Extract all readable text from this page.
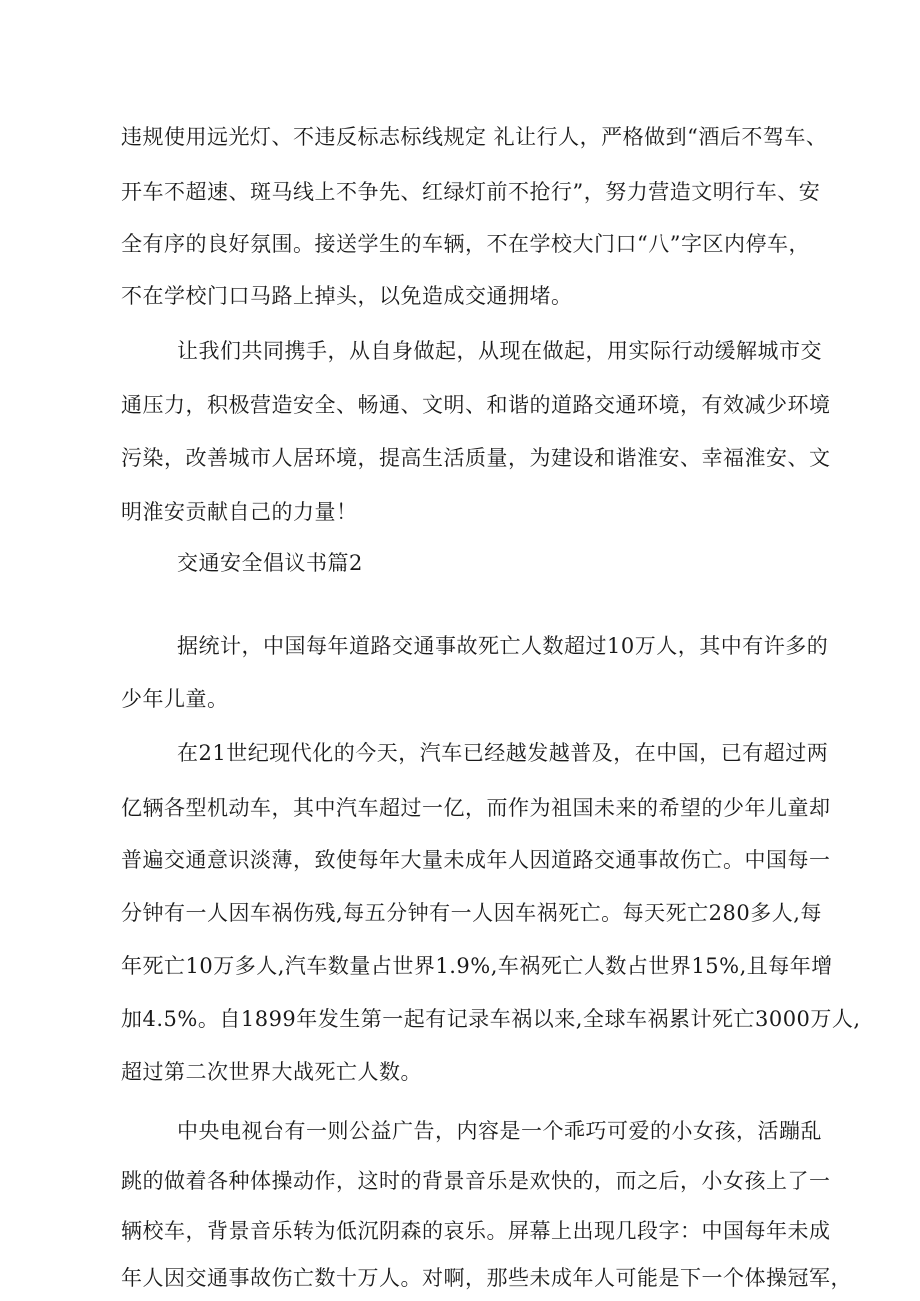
违规使用远光灯、不违反标志标线规定 礼让行人，严格做到“酒后不驾车、
开车不超速、斑马线上不争先、红绿灯前不抢行”，努力营造文明行车、安
全有序的良好氛围。接送学生的车辆，不在学校大门口“八”字区内停车，
不在学校门口马路上掉头，以免造成交通拥堵。
让我们共同携手，从自身做起，从现在做起，用实际行动缓解城市交
通压力，积极营造安全、畅通、文明、和谐的道路交通环境，有效减少环境
污染，改善城市人居环境，提高生活质量，为建设和谐淮安、幸福淮安、文
明淮安贡献自己的力量！
交通安全倡议书篇2
据统计，中国每年道路交通事故死亡人数超过10万人，其中有许多的
少年儿童。
在21世纪现代化的今天，汽车已经越发越普及，在中国，已有超过两
亿辆各型机动车，其中汽车超过一亿，而作为祖国未来的希望的少年儿童却
普遍交通意识淡薄，致使每年大量未成年人因道路交通事故伤亡。中国每一
分钟有一人因车祸伤残,每五分钟有一人因车祸死亡。每天死亡280多人,每
年死亡10万多人,汽车数量占世界1.9%,车祸死亡人数占世界15%,且每年增
加4.5%。自1899年发生第一起有记录车祸以来,全球车祸累计死亡3000万人,
超过第二次世界大战死亡人数。
中央电视台有一则公益广告，内容是一个乖巧可爱的小女孩，活蹦乱
跳的做着各种体操动作，这时的背景音乐是欢快的，而之后，小女孩上了一
辆校车，背景音乐转为低沉阴森的哀乐。屏幕上出现几段字：中国每年未成
年人因交通事故伤亡数十万人。对啊，那些未成年人可能是下一个体操冠军，
